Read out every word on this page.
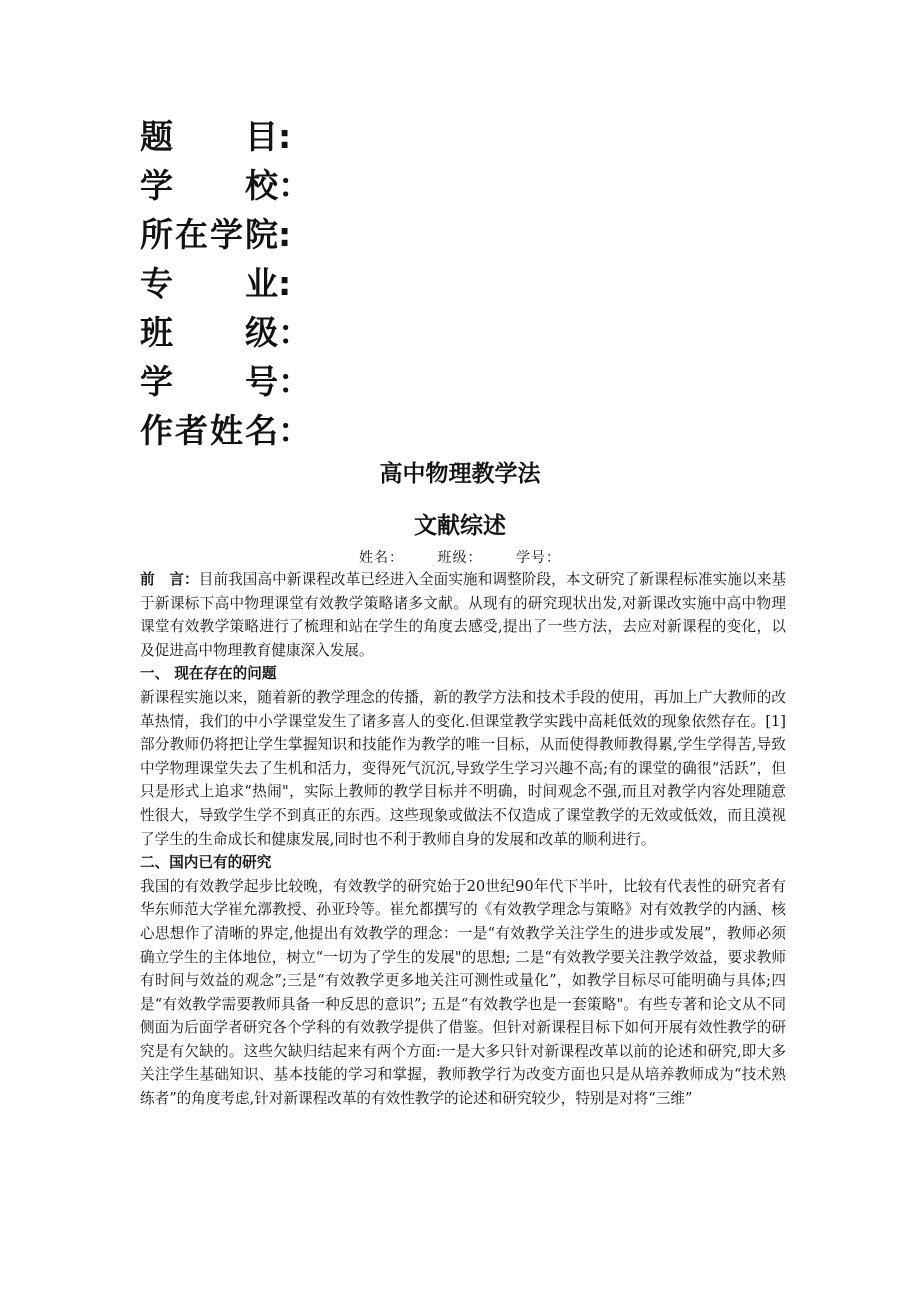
题　目:
学　校：
所在学院:
专　业:
班　级：
学　号：
作者姓名：
高中物理教学法
文献综述
姓名： 班级： 学号：

前　言：目前我国高中新课程改革已经进入全面实施和调整阶段，本文研究了新课程标准实施以来基于新课标下高中物理课堂有效教学策略诸多文献。从现有的研究现状出发,对新课改实施中高中物理课堂有效教学策略进行了梳理和站在学生的角度去感受,提出了一些方法，去应对新课程的变化，以及促进高中物理教育健康深入发展。

一、 现在存在的问题

新课程实施以来，随着新的教学理念的传播，新的教学方法和技术手段的使用，再加上广大教师的改革热情，我们的中小学课堂发生了诸多喜人的变化.但课堂教学实践中高耗低效的现象依然存在。[1]部分教师仍将把让学生掌握知识和技能作为教学的唯一目标，从而使得教师教得累,学生学得苦,导致中学物理课堂失去了生机和活力，变得死气沉沉,导致学生学习兴趣不高;有的课堂的确很“活跃”，但只是形式上追求“热闹"，实际上教师的教学目标并不明确，时间观念不强,而且对教学内容处理随意性很大，导致学生学不到真正的东西。这些现象或做法不仅造成了课堂教学的无效或低效，而且漠视了学生的生命成长和健康发展,同时也不利于教师自身的发展和改革的顺利进行。

二、国内已有的研究

我国的有效教学起步比较晚，有效教学的研究始于20世纪90年代下半叶，比较有代表性的研究者有华东师范大学崔允漷教授、孙亚玲等。崔允都撰写的《有效教学理念与策略》对有效教学的内涵、核心思想作了清晰的界定,他提出有效教学的理念：一是“有效教学关注学生的进步或发展”，教师必须确立学生的主体地位，树立“一切为了学生的发展"的思想; 二是“有效教学要关注教学效益，要求教师有时间与效益的观念”;三是“有效教学更多地关注可测性或量化”，如教学目标尽可能明确与具体;四是“有效教学需要教师具备一种反思的意识”; 五是“有效教学也是一套策略"。有些专著和论文从不同侧面为后面学者研究各个学科的有效教学提供了借鉴。但针对新课程目标下如何开展有效性教学的研究是有欠缺的。这些欠缺归结起来有两个方面:一是大多只针对新课程改革以前的论述和研究,即大多关注学生基础知识、基本技能的学习和掌握，教师教学行为改变方面也只是从培养教师成为“技术熟练者”的角度考虑,针对新课程改革的有效性教学的论述和研究较少，特别是对将“三维”
